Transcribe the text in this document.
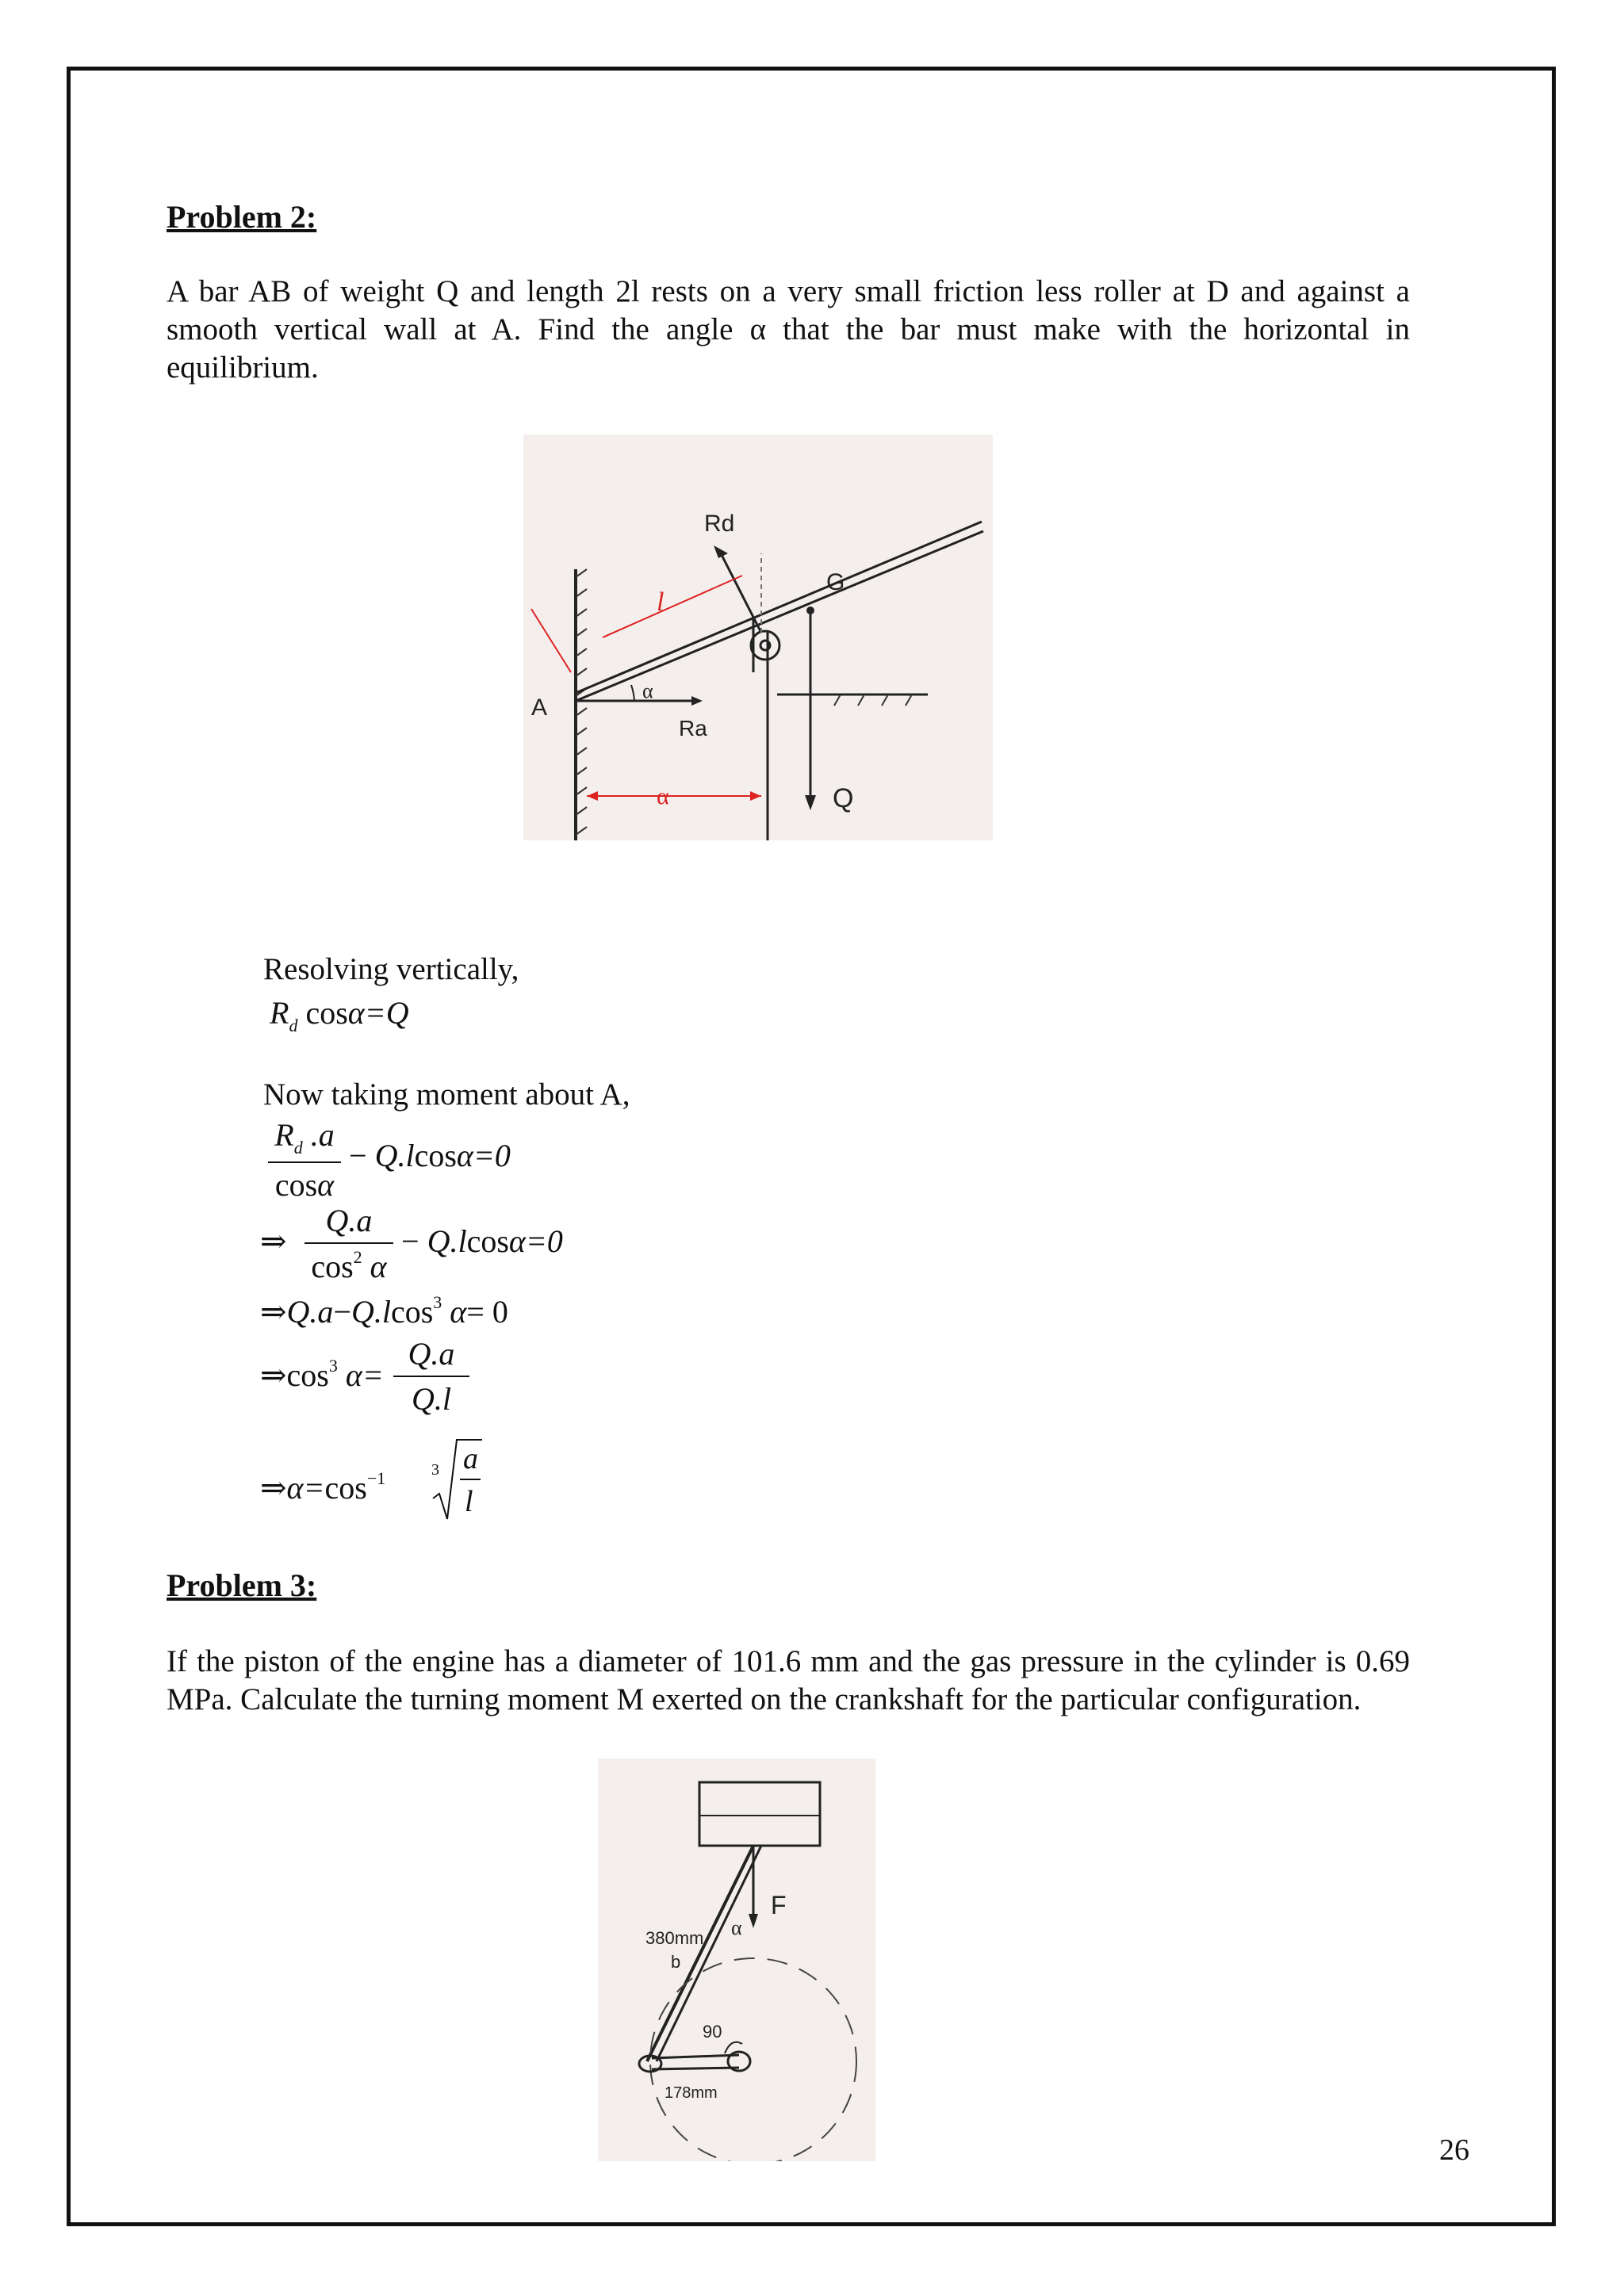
Problem 2:

A bar AB of weight Q and length 2l rests on a very small friction less roller at D and against a smooth vertical wall at A. Find the angle α that the bar must make with the horizontal in equilibrium.

Rd
l
G
A
α
Ra
α	Q
Resolving vertically,
$R_d$ cosα=Q
Now taking moment about A,
$R_d$ .a
cosα
− Q.lcosα=0
⇒
Q.a
$\cos^2 \alpha$
− Q.lcosα=0
⇒Q.a−Q.lcos$^3$ α= 0
$\Rightarrow\cos^3$ α=
Q.a
Q.l
$\Rightarrow\alpha=\cos^{-1}$	3 a
l
Problem 3:

If the piston of the engine has a diameter of 101.6 mm and the gas pressure in the cylinder is 0.69 MPa. Calculate the turning moment M exerted on the crankshaft for the particular configuration.

380mm
b
α
F
90
178mm
26
